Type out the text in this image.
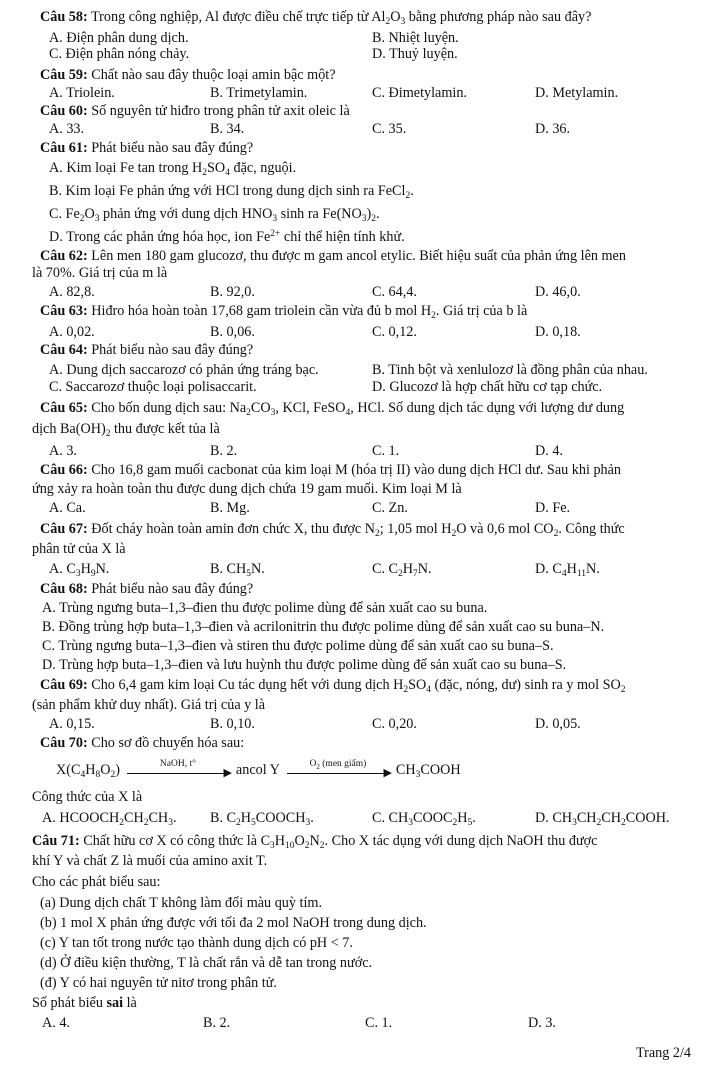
Câu 58: Trong công nghiệp, Al được điều chế trực tiếp từ $Al_2O_3$ bằng phương pháp nào sau đây?
A. Điện phân dung dịch.	B. Nhiệt luyện.
C. Điện phân nóng chảy.	D. Thuỷ luyện.
Câu 59: Chất nào sau đây thuộc loại amin bậc một?
A. Triolein.	B. Trimetylamin.	C. Đimetylamin.	D. Metylamin.
Câu 60: Số nguyên tử hiđro trong phân tử axit oleic là
A. 33.	B. 34.	C. 35.	D. 36.
Câu 61: Phát biểu nào sau đây đúng?
A. Kim loại Fe tan trong $H_2SO_4$ đặc, nguội.
B. Kim loại Fe phản ứng với HCl trong dung dịch sinh ra FeCl$_2$.
C. $Fe_2O_3$ phản ứng với dung dịch $HNO_3$ sinh ra $Fe(NO_3)_2$.
D. Trong các phản ứng hóa học, ion $Fe^{2+}$ chỉ thể hiện tính khử.
Câu 62: Lên men 180 gam glucozơ, thu được m gam ancol etylic. Biết hiệu suất của phản ứng lên men
là 70%. Giá trị của m là
A. 82,8.	B. 92,0.	C. 64,4.	D. 46,0.
Câu 63: Hiđro hóa hoàn toàn 17,68 gam triolein cần vừa đủ b mol $H_2$. Giá trị của b là
A. 0,02.	B. 0,06.	C. 0,12.	D. 0,18.
Câu 64: Phát biểu nào sau đây đúng?
A. Dung dịch saccarozơ có phản ứng tráng bạc.	B. Tinh bột và xenlulozơ là đồng phân của nhau.
C. Saccarozơ thuộc loại polisaccarit.	D. Glucozơ là hợp chất hữu cơ tạp chức.
Câu 65: Cho bốn dung dịch sau: $Na_2CO_3$, KCl, FeSO$_4$, HCl. Số dung dịch tác dụng với lượng dư dung
dịch $Ba(OH)_2$ thu được kết tủa là
A. 3.	B. 2.	C. 1.	D. 4.
Câu 66: Cho 16,8 gam muối cacbonat của kim loại M (hóa trị II) vào dung dịch HCl dư. Sau khi phản
ứng xảy ra hoàn toàn thu được dung dịch chứa 19 gam muối. Kim loại M là
A. Ca.	B. Mg.	C. Zn.	D. Fe.
Câu 67: Đốt cháy hoàn toàn amin đơn chức X, thu được $N_2$; 1,05 mol $H_2O$ và 0,6 mol $CO_2$. Công thức
phân tử của X là
A. $C_3H_9N$.	B. $CH_5N$.	C. $C_2H_7N$.	D. $C_4H_{11}N$.
Câu 68: Phát biểu nào sau đây đúng?
A. Trùng ngưng buta–1,3–đien thu được polime dùng để sản xuất cao su buna.
B. Đồng trùng hợp buta–1,3–đien và acrilonitrin thu được polime dùng để sản xuất cao su buna–N.
C. Trùng ngưng buta–1,3–đien và stiren thu được polime dùng để sản xuất cao su buna–S.
D. Trùng hợp buta–1,3–đien và lưu huỳnh thu được polime dùng để sản xuất cao su buna–S.
Câu 69: Cho 6,4 gam kim loại Cu tác dụng hết với dung dịch $H_2SO_4$ (đặc, nóng, dư) sinh ra y mol $SO_2$
(sản phẩm khử duy nhất). Giá trị của y là
A. 0,15.	B. 0,10.	C. 0,20.	D. 0,05.
Câu 70: Cho sơ đồ chuyển hóa sau:
$X(C_4H_8O_2)$	NaOH, t°
▶ ancol Y	$O_2$ (men giấm)
▶ $CH_3COOH$
Công thức của X là
A. $HCOOCH_2CH_2CH_3$. B. $C_2H_5COOCH_3$.	C. $CH_3COOC_2H_5$.	D. $CH_3CH_2CH_2COOH$.
Câu 71: Chất hữu cơ X có công thức là $C_3H_{10}O_2N_2$. Cho X tác dụng với dung dịch NaOH thu được
khí Y và chất Z là muối của amino axit T.
Cho các phát biểu sau:
(a) Dung dịch chất T không làm đổi màu quỳ tím.
(b) 1 mol X phản ứng được với tối đa 2 mol NaOH trong dung dịch.
(c) Y tan tốt trong nước tạo thành dung dịch có pH < 7.
(d) Ở điều kiện thường, T là chất rắn và dễ tan trong nước.
(đ) Y có hai nguyên tử nitơ trong phân tử.
Số phát biểu sai là
A. 4.	B. 2.	C. 1.	D. 3.
Trang 2/4
